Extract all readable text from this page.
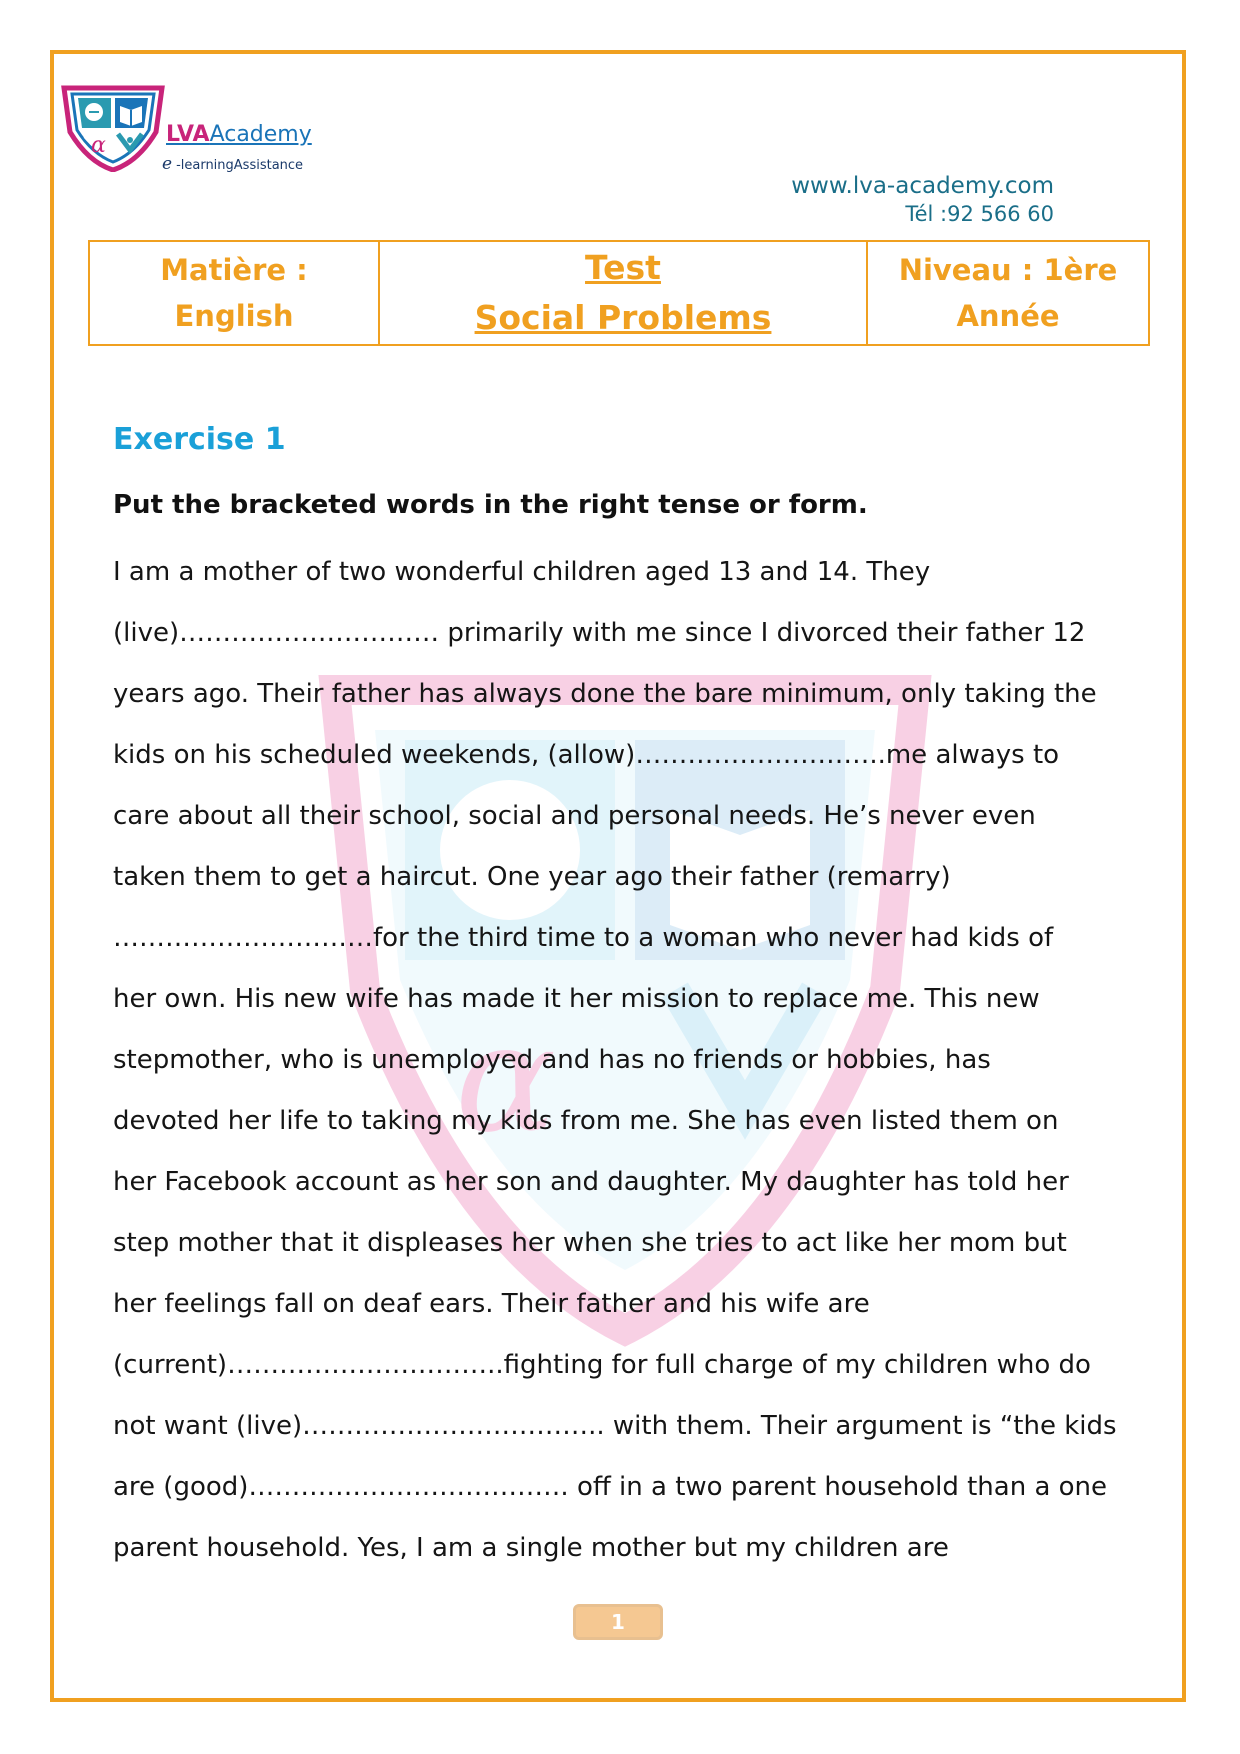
α	LVAAcademy
e -learningAssistance
www.lva-academy.com
Tél :92 566 60
Matière :
English

Test
Social Problems

Niveau : 1ère
Année
α
Exercise 1
Put the bracketed words in the right tense or form.
I am a mother of two wonderful children aged 13 and 14. They
(live)………………………… primarily with me since I divorced their father 12
years ago. Their father has always done the bare minimum, only taking the
kids on his scheduled weekends, (allow)………………………..me always to
care about all their school, social and personal needs. He’s never even
taken them to get a haircut. One year ago their father (remarry)
…………………………for the third time to a woman who never had kids of
her own. His new wife has made it her mission to replace me. This new
stepmother, who is unemployed and has no friends or hobbies, has
devoted her life to taking my kids from me. She has even listed them on
her Facebook account as her son and daughter. My daughter has told her
step mother that it displeases her when she tries to act like her mom but
her feelings fall on deaf ears. Their father and his wife are
(current)…………………………..fighting for full charge of my children who do
not want (live)…………………………….. with them. Their argument is “the kids
are (good)………………………………. off in a two parent household than a one
parent household. Yes, I am a single mother but my children are
1
